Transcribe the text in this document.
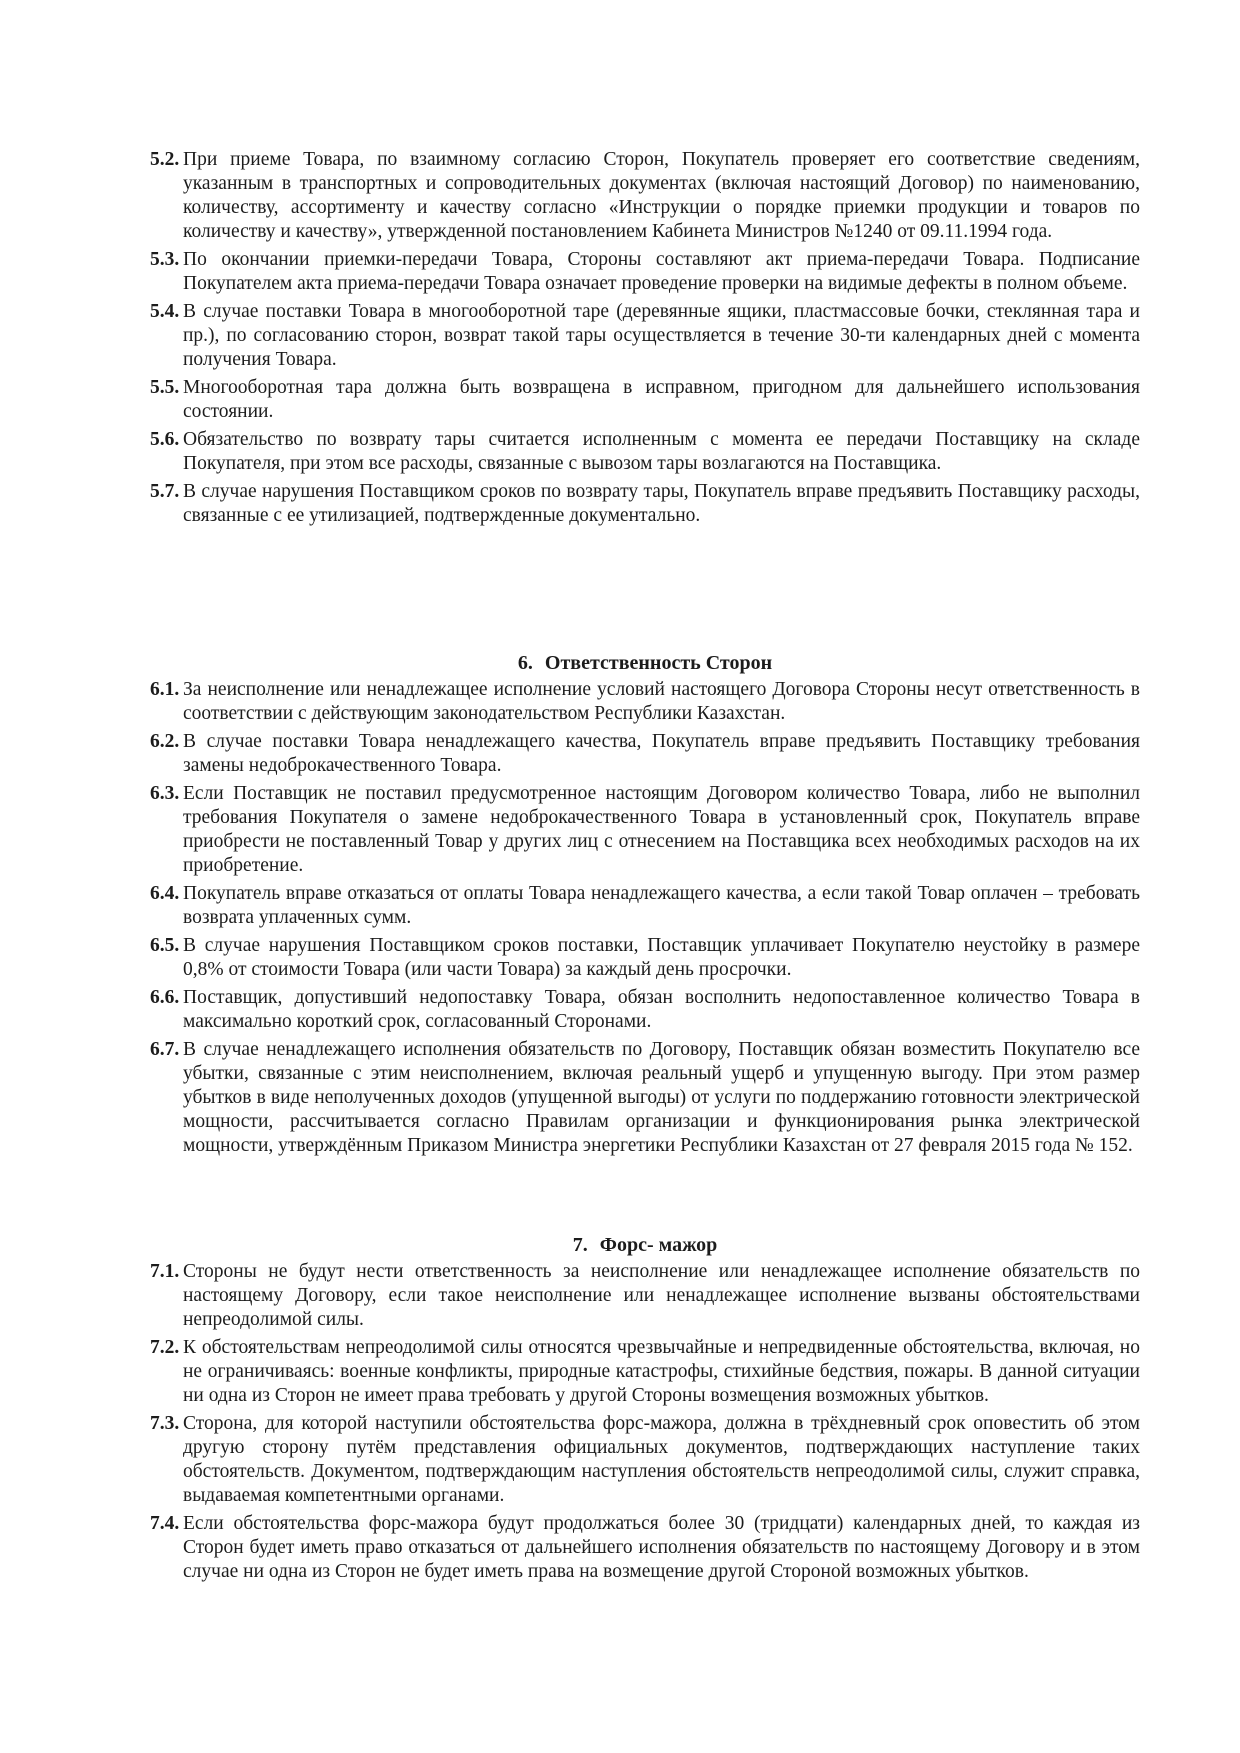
5.2. При приеме Товара, по взаимному согласию Сторон, Покупатель проверяет его соответствие сведениям, указанным в транспортных и сопроводительных документах (включая настоящий Договор) по наименованию, количеству, ассортименту и качеству согласно «Инструкции о порядке приемки продукции и товаров по количеству и качеству», утвержденной постановлением Кабинета Министров №1240 от 09.11.1994 года.
5.3. По окончании приемки-передачи Товара, Стороны составляют акт приема-передачи Товара. Подписание Покупателем акта приема-передачи Товара означает проведение проверки на видимые дефекты в полном объеме.
5.4. В случае поставки Товара в многооборотной таре (деревянные ящики, пластмассовые бочки, стеклянная тара и пр.), по согласованию сторон, возврат такой тары осуществляется в течение 30-ти календарных дней с момента получения Товара.
5.5. Многооборотная тара должна быть возвращена в исправном, пригодном для дальнейшего использования состоянии.
5.6. Обязательство по возврату тары считается исполненным с момента ее передачи Поставщику на складе Покупателя, при этом все расходы, связанные с вывозом тары возлагаются на Поставщика.
5.7. В случае нарушения Поставщиком сроков по возврату тары, Покупатель вправе предъявить Поставщику расходы, связанные с ее утилизацией, подтвержденные документально.
6. Ответственность Сторон
6.1. За неисполнение или ненадлежащее исполнение условий настоящего Договора Стороны несут ответственность в соответствии с действующим законодательством Республики Казахстан.
6.2. В случае поставки Товара ненадлежащего качества, Покупатель вправе предъявить Поставщику требования замены недоброкачественного Товара.
6.3. Если Поставщик не поставил предусмотренное настоящим Договором количество Товара, либо не выполнил требования Покупателя о замене недоброкачественного Товара в установленный срок, Покупатель вправе приобрести не поставленный Товар у других лиц с отнесением на Поставщика всех необходимых расходов на их приобретение.
6.4. Покупатель вправе отказаться от оплаты Товара ненадлежащего качества, а если такой Товар оплачен – требовать возврата уплаченных сумм.
6.5. В случае нарушения Поставщиком сроков поставки, Поставщик уплачивает Покупателю неустойку в размере 0,8% от стоимости Товара (или части Товара) за каждый день просрочки.
6.6. Поставщик, допустивший недопоставку Товара, обязан восполнить недопоставленное количество Товара в максимально короткий срок, согласованный Сторонами.
6.7. В случае ненадлежащего исполнения обязательств по Договору, Поставщик обязан возместить Покупателю все убытки, связанные с этим неисполнением, включая реальный ущерб и упущенную выгоду. При этом размер убытков в виде неполученных доходов (упущенной выгоды) от услуги по поддержанию готовности электрической мощности, рассчитывается согласно Правилам организации и функционирования рынка электрической мощности, утверждённым Приказом Министра энергетики Республики Казахстан от 27 февраля 2015 года № 152.
7. Форс- мажор
7.1. Стороны не будут нести ответственность за неисполнение или ненадлежащее исполнение обязательств по настоящему Договору, если такое неисполнение или ненадлежащее исполнение вызваны обстоятельствами непреодолимой силы.
7.2. К обстоятельствам непреодолимой силы относятся чрезвычайные и непредвиденные обстоятельства, включая, но не ограничиваясь: военные конфликты, природные катастрофы, стихийные бедствия, пожары. В данной ситуации ни одна из Сторон не имеет права требовать у другой Стороны возмещения возможных убытков.
7.3. Сторона, для которой наступили обстоятельства форс-мажора, должна в трёхдневный срок оповестить об этом другую сторону путём представления официальных документов, подтверждающих наступление таких обстоятельств. Документом, подтверждающим наступления обстоятельств непреодолимой силы, служит справка, выдаваемая компетентными органами.
7.4. Если обстоятельства форс-мажора будут продолжаться более 30 (тридцати) календарных дней, то каждая из Сторон будет иметь право отказаться от дальнейшего исполнения обязательств по настоящему Договору и в этом случае ни одна из Сторон не будет иметь права на возмещение другой Стороной возможных убытков.
